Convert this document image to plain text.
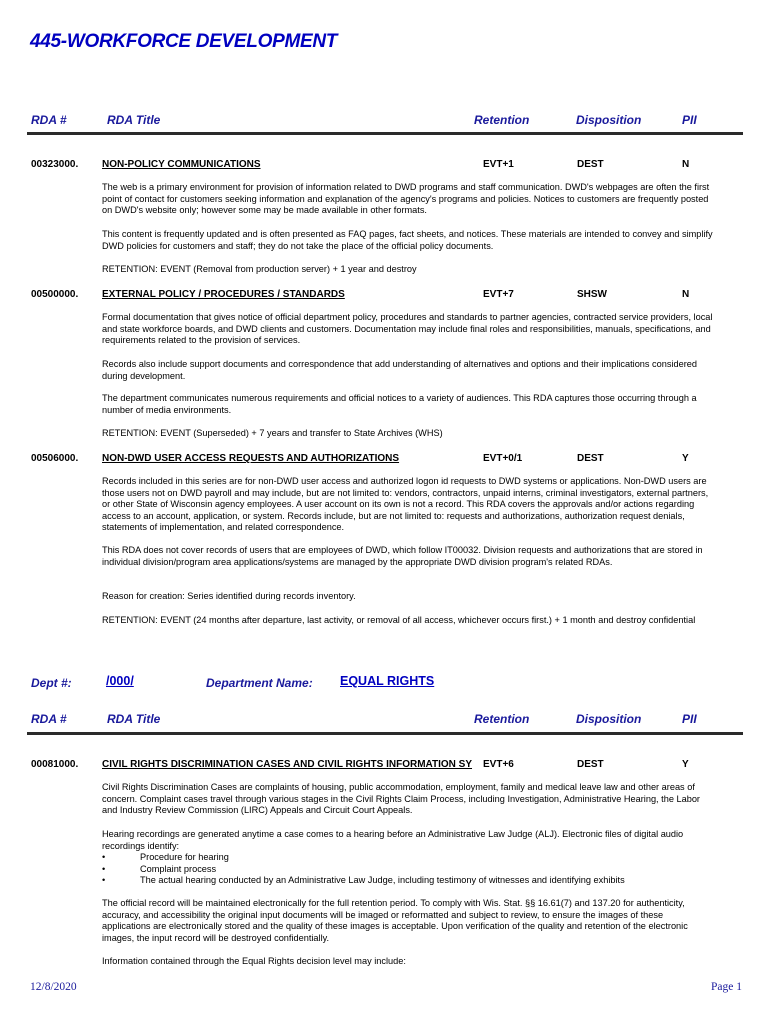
445-WORKFORCE DEVELOPMENT
RDA #	RDA Title	Retention	Disposition	PII
00323000. NON-POLICY COMMUNICATIONS	EVT+1	DEST	N

The web is a primary environment for provision of information related to DWD programs and staff communication. DWD's webpages are often the first point of contact for customers seeking information and explanation of the agency's programs and policies. Notices to customers are frequently posted on DWD's website only; however some may be made available in other formats.

This content is frequently updated and is often presented as FAQ pages, fact sheets, and notices. These materials are intended to convey and simplify DWD policies for customers and staff; they do not take the place of the official policy documents.

RETENTION: EVENT (Removal from production server) + 1 year and destroy

00500000. EXTERNAL POLICY / PROCEDURES / STANDARDS	EVT+7	SHSW	N

Formal documentation that gives notice of official department policy, procedures and standards to partner agencies, contracted service providers, local and state workforce boards, and DWD clients and customers. Documentation may include final roles and responsibilities, manuals, specifications, and requirements related to the provision of services.

Records also include support documents and correspondence that add understanding of alternatives and options and their implications considered during development.

The department communicates numerous requirements and official notices to a variety of audiences. This RDA captures those occurring through a number of media environments.

RETENTION: EVENT (Superseded) + 7 years and transfer to State Archives (WHS)

00506000. NON-DWD USER ACCESS REQUESTS AND AUTHORIZATIONS	EVT+0/1	DEST	Y

Records included in this series are for non-DWD user access and authorized logon id requests to DWD systems or applications. Non-DWD users are those users not on DWD payroll and may include, but are not limited to: vendors, contractors, unpaid interns, criminal investigators, external partners, or other State of Wisconsin agency employees. A user account on its own is not a record. This RDA covers the approvals and/or actions regarding access to an account, application, or system. Records include, but are not limited to: requests and authorizations, authorization request denials, statements of implementation, and related correspondence.

This RDA does not cover records of users that are employees of DWD, which follow IT00032. Division requests and authorizations that are stored in individual division/program area applications/systems are managed by the appropriate DWD division program's related RDAs.

Reason for creation: Series identified during records inventory.

RETENTION: EVENT (24 months after departure, last activity, or removal of all access, whichever occurs first.) + 1 month and destroy confidential

Dept #:	/000/	Department Name: EQUAL RIGHTS
RDA #	RDA Title	Retention	Disposition	PII
00081000. CIVIL RIGHTS DISCRIMINATION CASES AND CIVIL RIGHTS INFORMATION SY	EVT+6	DEST	Y

Civil Rights Discrimination Cases are complaints of housing, public accommodation, employment, family and medical leave law and other areas of concern. Complaint cases travel through various stages in the Civil Rights Claim Process, including Investigation, Administrative Hearing, the Labor and Industry Review Commission (LIRC) Appeals and Circuit Court Appeals.

Hearing recordings are generated anytime a case comes to a hearing before an Administrative Law Judge (ALJ). Electronic files of digital audio recordings identify:

•	Procedure for hearing
•	Complaint process
•	The actual hearing conducted by an Administrative Law Judge, including testimony of witnesses and identifying exhibits

The official record will be maintained electronically for the full retention period. To comply with Wis. Stat. §§ 16.61(7) and 137.20 for authenticity, accuracy, and accessibility the original input documents will be imaged or reformatted and subject to review, to ensure the images of these applications are electronically stored and the quality of these images is acceptable. Upon verification of the quality and retention of the electronic images, the input record will be destroyed confidentially.

Information contained through the Equal Rights decision level may include:

12/8/2020	Page 1
